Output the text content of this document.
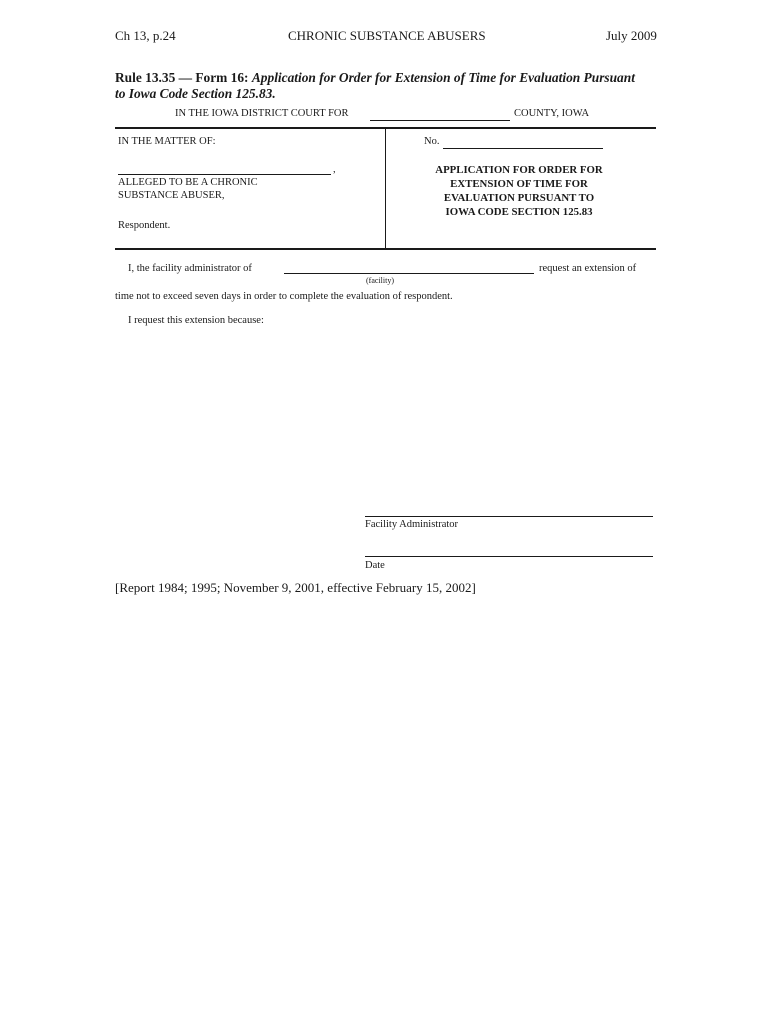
Ch 13, p.24	CHRONIC SUBSTANCE ABUSERS	July 2009
Rule 13.35 — Form 16: Application for Order for Extension of Time for Evaluation Pursuant
to Iowa Code Section 125.83.
IN THE IOWA DISTRICT COURT FOR	COUNTY, IOWA
IN THE MATTER OF:
,
ALLEGED TO BE A CHRONIC
SUBSTANCE ABUSER,
Respondent.
No.
APPLICATION FOR ORDER FOR
EXTENSION OF TIME FOR
EVALUATION PURSUANT TO
IOWA CODE SECTION 125.83
I, the facility administrator of
(facility)
request an extension of
time not to exceed seven days in order to complete the evaluation of respondent.
I request this extension because:
Facility Administrator
Date
[Report 1984; 1995; November 9, 2001, effective February 15, 2002]
